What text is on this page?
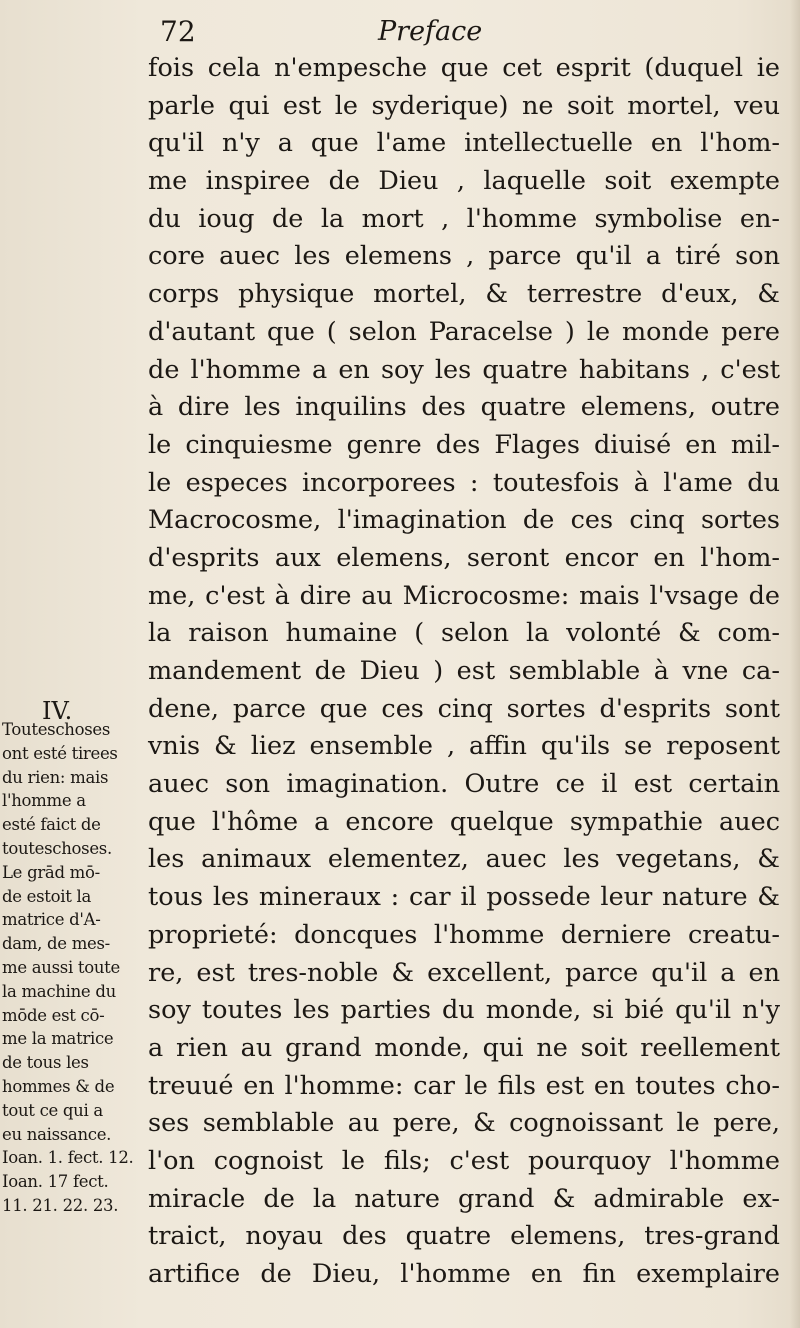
72	Preface
fois cela n'empesche que cet esprit (duquel ie
parle qui est le syderique) ne soit mortel, veu
qu'il n'y a que l'ame intellectuelle en l'hom-
me inspiree de Dieu , laquelle soit exempte
du ioug de la mort , l'homme symbolise en-
core auec les elemens , parce qu'il a tiré son
corps physique mortel, & terrestre d'eux, &
d'autant que ( selon Paracelse ) le monde pere
de l'homme a en soy les quatre habitans , c'est
à dire les inquilins des quatre elemens, outre
le cinquiesme genre des Flages diuisé en mil-
le especes incorporees : toutesfois à l'ame du
Macrocosme, l'imagination de ces cinq sortes
d'esprits aux elemens, seront encor en l'hom-
me, c'est à dire au Microcosme: mais l'vsage de
la raison humaine ( selon la volonté & com-
mandement de Dieu ) est semblable à vne ca-
dene, parce que ces cinq sortes d'esprits sont
vnis & liez ensemble , affin qu'ils se reposent
auec son imagination. Outre ce il est certain
que l'hôme a encore quelque sympathie auec
les animaux elementez, auec les vegetans, &
tous les mineraux : car il possede leur nature &
proprieté: doncques l'homme derniere creatu-
re, est tres-noble & excellent, parce qu'il a en
soy toutes les parties du monde, si bié qu'il n'y
a rien au grand monde, qui ne soit reellement
treuué en l'homme: car le fils est en toutes cho-
ses semblable au pere, & cognoissant le pere,
l'on cognoist le fils; c'est pourquoy l'homme
miracle de la nature grand & admirable ex-
traict, noyau des quatre elemens, tres-grand
artifice de Dieu, l'homme en fin exemplaire
IV.
Touteschoses
ont esté tirees
du rien: mais
l'homme a
esté faict de
touteschoses.
Le grād mō-
de estoit la
matrice d'A-
dam, de mes-
me aussi toute
la machine du
mōde est cō-
me la matrice
de tous les
hommes & de
tout ce qui a
eu naissance.
Ioan. 1. fect. 12.
Ioan. 17 fect.
11. 21. 22. 23.
